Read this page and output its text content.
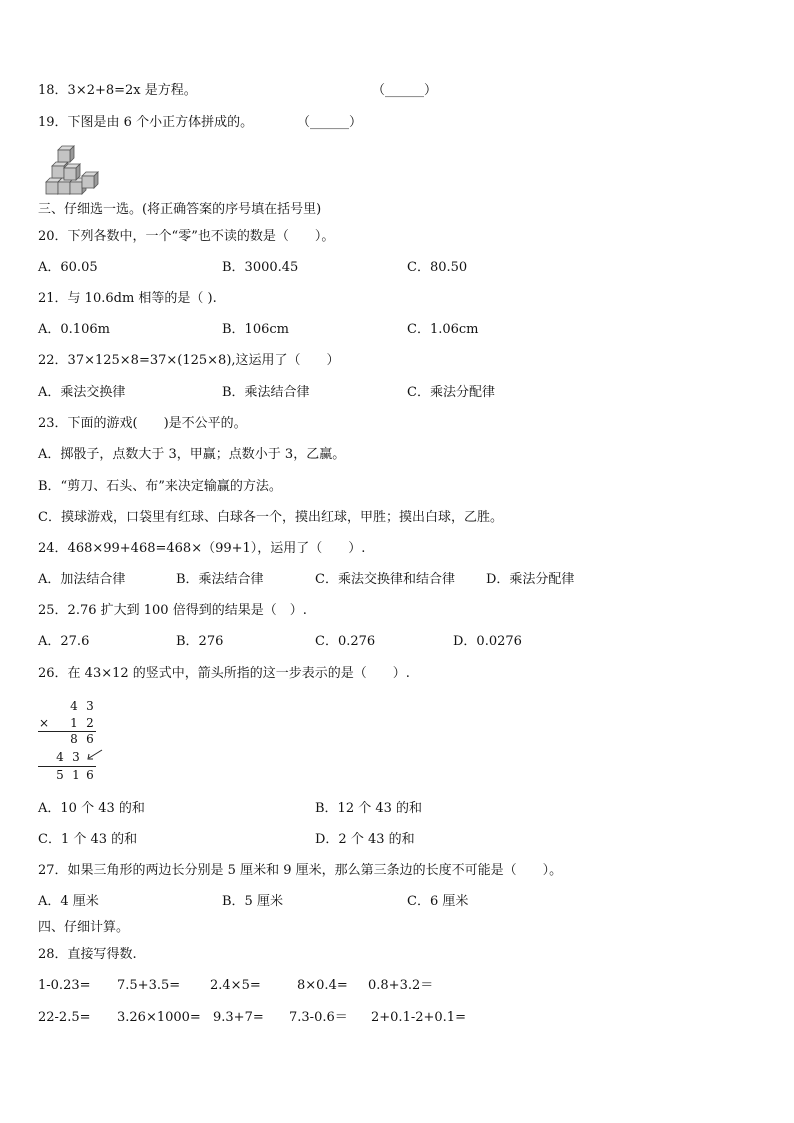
18．3×2+8=2x 是方程。	（______）
19．下图是由 6 个小正方体拼成的。	（______）
三、仔细选一选。(将正确答案的序号填在括号里)
20．下列各数中，一个“零”也不读的数是（　　）。
A．60.05	B．3000.45	C．80.50
21．与 10.6dm 相等的是（ ).
A．0.106m	B．106cm	C．1.06cm
22．37×125×8=37×(125×8),这运用了（　　）
A．乘法交换律	B．乘法结合律	C．乘法分配律
23．下面的游戏(　　)是不公平的。
A．掷骰子，点数大于 3，甲赢；点数小于 3，乙赢。
B．“剪刀、石头、布”来决定输赢的方法。
C．摸球游戏，口袋里有红球、白球各一个，摸出红球，甲胜；摸出白球，乙胜。
24．468×99+468=468×（99+1），运用了（　　）.
A．加法结合律	B．乘法结合律	C．乘法交换律和结合律 D．乘法分配律
25．2.76 扩大到 100 倍得到的结果是（　）.
A．27.6	B．276	C．0.276	D．0.0276
26．在 43×12 的竖式中，箭头所指的这一步表示的是（　　）.
4 3
× 1 2
8 6
4 3
5 1 6
A．10 个 43 的和	B．12 个 43 的和
C．1 个 43 的和	D．2 个 43 的和
27．如果三角形的两边长分别是 5 厘米和 9 厘米，那么第三条边的长度不可能是（　　）。
A．4 厘米	B．5 厘米	C．6 厘米
四、仔细计算。
28．直接写得数.
1-0.23= 7.5+3.5= 2.4×5=	8×0.4= 0.8+3.2＝
22-2.5= 3.26×1000= 9.3+7= 7.3-0.6＝ 2+0.1-2+0.1=
